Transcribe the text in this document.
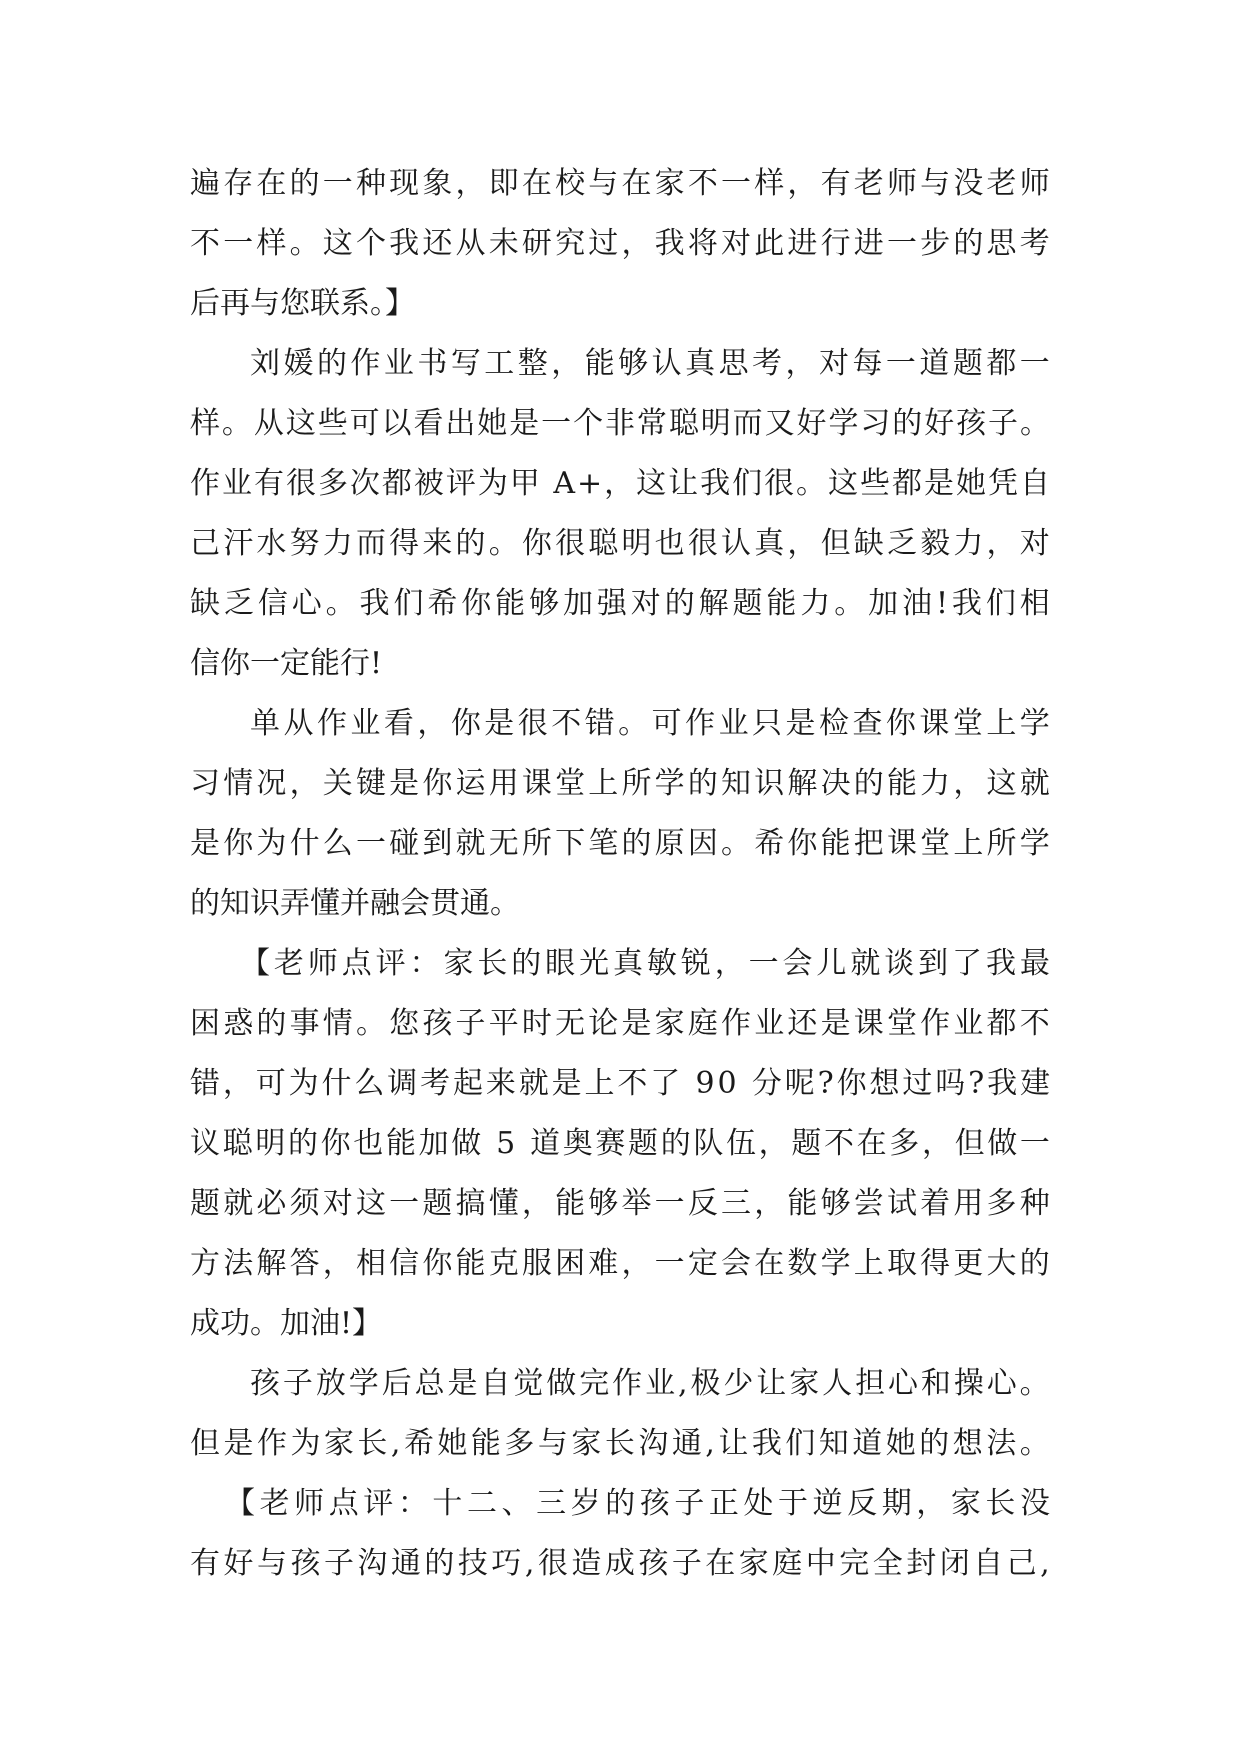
遍 存 在 的 一 种 现 象 ， 即 在 校 与 在 家 不 一 样 ， 有 老 师 与 没 老 师
不 一 样 。 这 个 我 还 从 未 研 究 过 ， 我 将 对 此 进 行 进 一 步 的 思 考
后再与您联系。】
刘 媛 的 作 业 书 写 工 整 ， 能 够 认 真 思 考 ， 对 每 一 道 题 都 一
样 。 从 这 些 可 以 看 出 她 是 一 个 非 常 聪 明 而 又 好 学 习 的 好 孩 子 。
作 业 有 很 多 次 都 被 评 为 甲
A + ， 这 让 我 们 很 。 这 些 都 是 她 凭 自
己 汗 水 努 力 而 得 来 的 。 你 很 聪 明 也 很 认 真 ， 但 缺 乏 毅 力 ， 对
缺 乏 信 心 。 我 们 希 你 能 够 加 强 对 的 解 题 能 力 。 加 油 ! 我 们 相
信你一定能行!
单 从 作 业 看 ， 你 是 很 不 错 。 可 作 业 只 是 检 查 你 课 堂 上 学
习 情 况 ， 关 键 是 你 运 用 课 堂 上 所 学 的 知 识 解 决 的 能 力 ， 这 就
是 你 为 什 么 一 碰 到 就 无 所 下 笔 的 原 因 。 希 你 能 把 课 堂 上 所 学
的知识弄懂并融会贯通。
【 老 师 点 评 ： 家 长 的 眼 光 真 敏 锐 ， 一 会 儿 就 谈 到 了 我 最
困 惑 的 事 情 。 您 孩 子 平 时 无 论 是 家 庭 作 业 还 是 课 堂 作 业 都 不
错 ， 可 为 什 么 调 考 起 来 就 是 上 不 了
9 0
分 呢 ? 你 想 过 吗 ? 我 建
议 聪 明 的 你 也 能 加 做
5
道 奥 赛 题 的 队 伍 ， 题 不 在 多 ， 但 做 一
题 就 必 须 对 这 一 题 搞 懂 ， 能 够 举 一 反 三 ， 能 够 尝 试 着 用 多 种
方 法 解 答 ， 相 信 你 能 克 服 困 难 ， 一 定 会 在 数 学 上 取 得 更 大 的
成功。加油!】
孩 子 放 学 后 总 是 自 觉 做 完 作 业 , 极 少 让 家 人 担 心 和 操 心 。
但 是 作 为 家 长 , 希 她 能 多 与 家 长 沟 通 , 让 我 们 知 道 她 的 想 法 。
【 老 师 点 评 ： 十 二 、 三 岁 的 孩 子 正 处 于 逆 反 期 ， 家 长 没
有 好 与 孩 子 沟 通 的 技 巧 , 很 造 成 孩 子 在 家 庭 中 完 全 封 闭 自 己 ,
